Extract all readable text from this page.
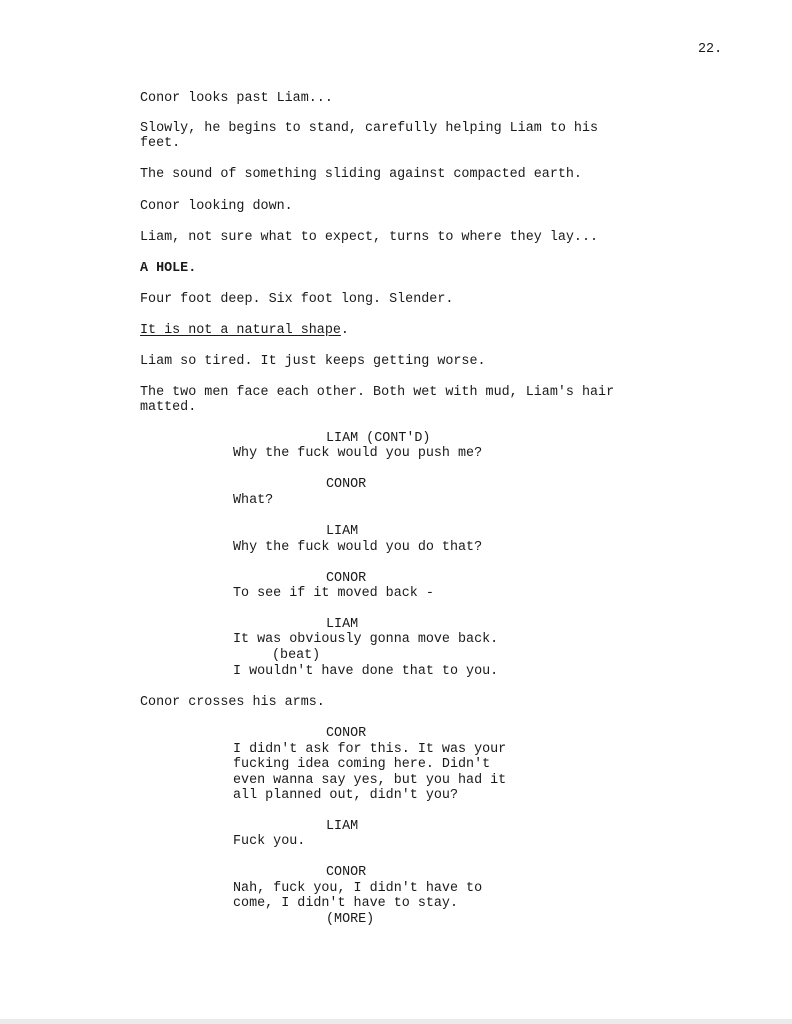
22.
Conor looks past Liam...
Slowly, he begins to stand, carefully helping Liam to his
feet.
The sound of something sliding against compacted earth.
Conor looking down.
Liam, not sure what to expect, turns to where they lay...
A HOLE.
Four foot deep. Six foot long. Slender.
It is not a natural shape.
Liam so tired. It just keeps getting worse.
The two men face each other. Both wet with mud, Liam's hair
matted.
LIAM (CONT'D)
Why the fuck would you push me?
CONOR
What?
LIAM
Why the fuck would you do that?
CONOR
To see if it moved back -
LIAM
It was obviously gonna move back.
(beat)
I wouldn't have done that to you.
Conor crosses his arms.
CONOR
I didn't ask for this. It was your
fucking idea coming here. Didn't
even wanna say yes, but you had it
all planned out, didn't you?
LIAM
Fuck you.
CONOR
Nah, fuck you, I didn't have to
come, I didn't have to stay.
(MORE)
